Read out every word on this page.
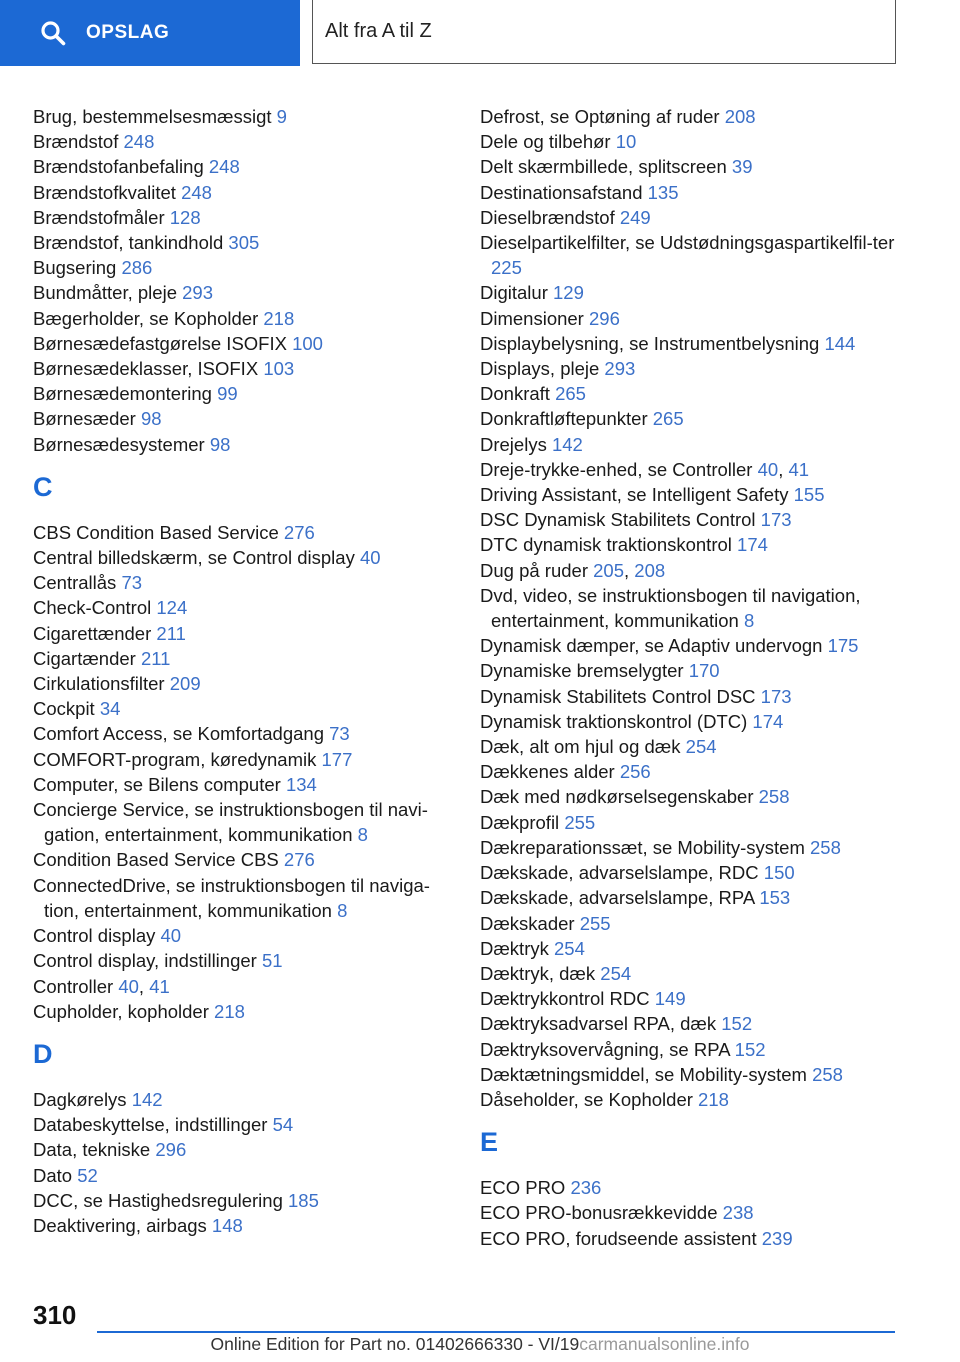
OPSLAG	Alt fra A til Z
Brug, bestemmelsesmæssigt 9
Brændstof 248
Brændstofanbefaling 248
Brændstofkvalitet 248
Brændstofmåler 128
Brændstof, tankindhold 305
Bugsering 286
Bundmåtter, pleje 293
Bægerholder, se Kopholder 218
Børnesædefastgørelse ISOFIX 100
Børnesædeklasser, ISOFIX 103
Børnesædemontering 99
Børnesæder 98
Børnesædesystemer 98
C
CBS Condition Based Service 276
Central billedskærm, se Control display 40
Centrallås 73
Check-Control 124
Cigarettænder 211
Cigartænder 211
Cirkulationsfilter 209
Cockpit 34
Comfort Access, se Komfortadgang 73
COMFORT-program, køredynamik 177
Computer, se Bilens computer 134
Concierge Service, se instruktionsbogen til navi‐gation, entertainment, kommunikation 8
Condition Based Service CBS 276
ConnectedDrive, se instruktionsbogen til naviga‐tion, entertainment, kommunikation 8
Control display 40
Control display, indstillinger 51
Controller 40, 41
Cupholder, kopholder 218
D
Dagkørelys 142
Databeskyttelse, indstillinger 54
Data, tekniske 296
Dato 52
DCC, se Hastighedsregulering 185
Deaktivering, airbags 148
Defrost, se Optøning af ruder 208
Dele og tilbehør 10
Delt skærmbillede, splitscreen 39
Destinationsafstand 135
Dieselbrændstof 249
Dieselpartikelfilter, se Udstødningsgaspartikelfil‐ter 225
Digitalur 129
Dimensioner 296
Displaybelysning, se Instrumentbelysning 144
Displays, pleje 293
Donkraft 265
Donkraftløftepunkter 265
Drejelys 142
Dreje-trykke-enhed, se Controller 40, 41
Driving Assistant, se Intelligent Safety 155
DSC Dynamisk Stabilitets Control 173
DTC dynamisk traktionskontrol 174
Dug på ruder 205, 208
Dvd, video, se instruktionsbogen til navigation, entertainment, kommunikation 8
Dynamisk dæmper, se Adaptiv undervogn 175
Dynamiske bremselygter 170
Dynamisk Stabilitets Control DSC 173
Dynamisk traktionskontrol (DTC) 174
Dæk, alt om hjul og dæk 254
Dækkenes alder 256
Dæk med nødkørselsegenskaber 258
Dækprofil 255
Dækreparationssæt, se Mobility-system 258
Dækskade, advarselslampe, RDC 150
Dækskade, advarselslampe, RPA 153
Dækskader 255
Dæktryk 254
Dæktryk, dæk 254
Dæktrykkontrol RDC 149
Dæktryksadvarsel RPA, dæk 152
Dæktryksovervågning, se RPA 152
Dæktætningsmiddel, se Mobility-system 258
Dåseholder, se Kopholder 218
E
ECO PRO 236
ECO PRO-bonusrækkevidde 238
ECO PRO, forudseende assistent 239
310
Online Edition for Part no. 01402666330 - VI/19carmanualsonline.info
